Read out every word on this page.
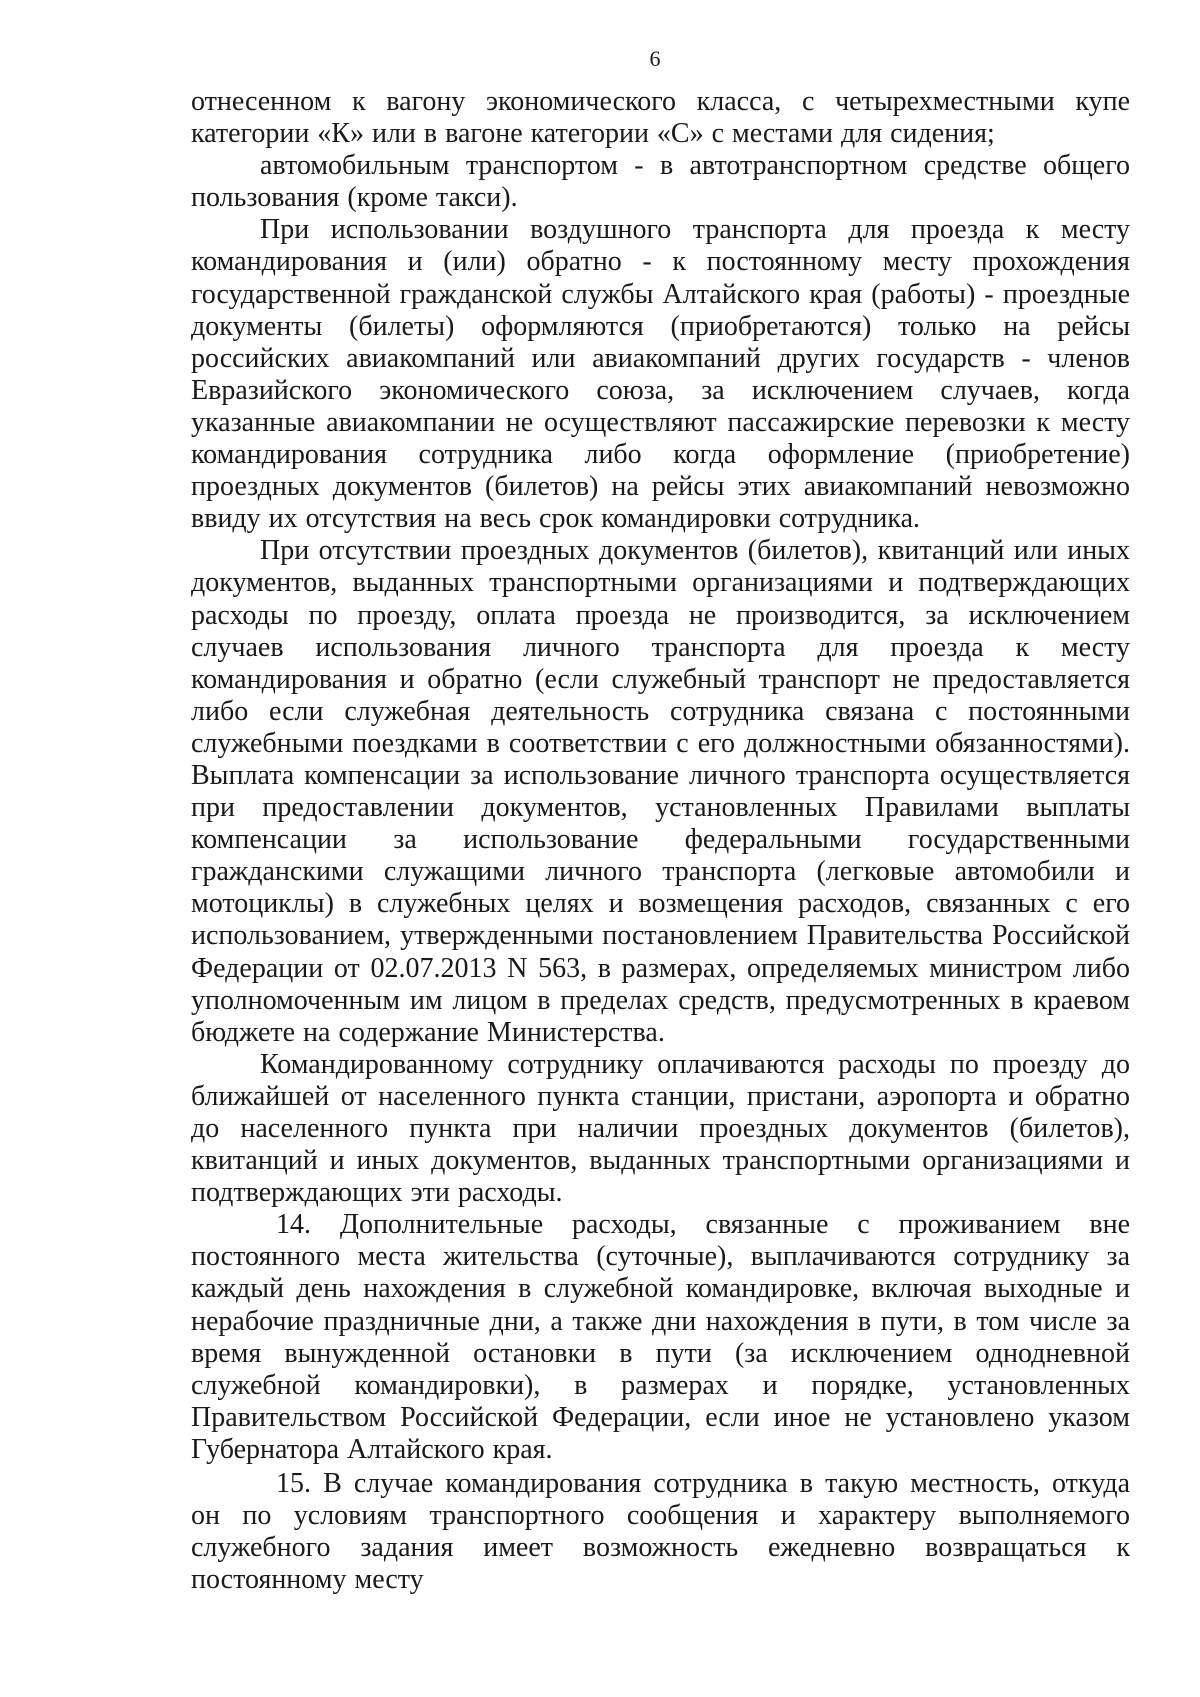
6

отнесенном к вагону экономического класса, с четырехместными купе категории «К» или в вагоне категории «С» с местами для сидения;

автомобильным транспортом - в автотранспортном средстве общего пользования (кроме такси).

При использовании воздушного транспорта для проезда к месту командирования и (или) обратно - к постоянному месту прохождения государственной гражданской службы Алтайского края (работы) - проездные документы (билеты) оформляются (приобретаются) только на рейсы российских авиакомпаний или авиакомпаний других государств - членов Евразийского экономического союза, за исключением случаев, когда указанные авиакомпании не осуществляют пассажирские перевозки к месту командирования сотрудника либо когда оформление (приобретение) проездных документов (билетов) на рейсы этих авиакомпаний невозможно ввиду их отсутствия на весь срок командировки сотрудника.

При отсутствии проездных документов (билетов), квитанций или иных документов, выданных транспортными организациями и подтверждающих расходы по проезду, оплата проезда не производится, за исключением случаев использования личного транспорта для проезда к месту командирования и обратно (если служебный транспорт не предоставляется либо если служебная деятельность сотрудника связана с постоянными служебными поездками в соответствии с его должностными обязанностями). Выплата компенсации за использование личного транспорта осуществляется при предоставлении документов, установленных Правилами выплаты компенсации за использование федеральными государственными гражданскими служащими личного транспорта (легковые автомобили и мотоциклы) в служебных целях и возмещения расходов, связанных с его использованием, утвержденными постановлением Правительства Российской Федерации от 02.07.2013 N 563, в размерах, определяемых министром либо уполномоченным им лицом в пределах средств, предусмотренных в краевом бюджете на содержание Министерства.

Командированному сотруднику оплачиваются расходы по проезду до ближайшей от населенного пункта станции, пристани, аэропорта и обратно до населенного пункта при наличии проездных документов (билетов), квитанций и иных документов, выданных транспортными организациями и подтверждающих эти расходы.

14. Дополнительные расходы, связанные с проживанием вне постоянного места жительства (суточные), выплачиваются сотруднику за каждый день нахождения в служебной командировке, включая выходные и нерабочие праздничные дни, а также дни нахождения в пути, в том числе за время вынужденной остановки в пути (за исключением однодневной служебной командировки), в размерах и порядке, установленных Правительством Российской Федерации, если иное не установлено указом Губернатора Алтайского края.

15. В случае командирования сотрудника в такую местность, откуда он по условиям транспортного сообщения и характеру выполняемого служебного задания имеет возможность ежедневно возвращаться к постоянному месту
